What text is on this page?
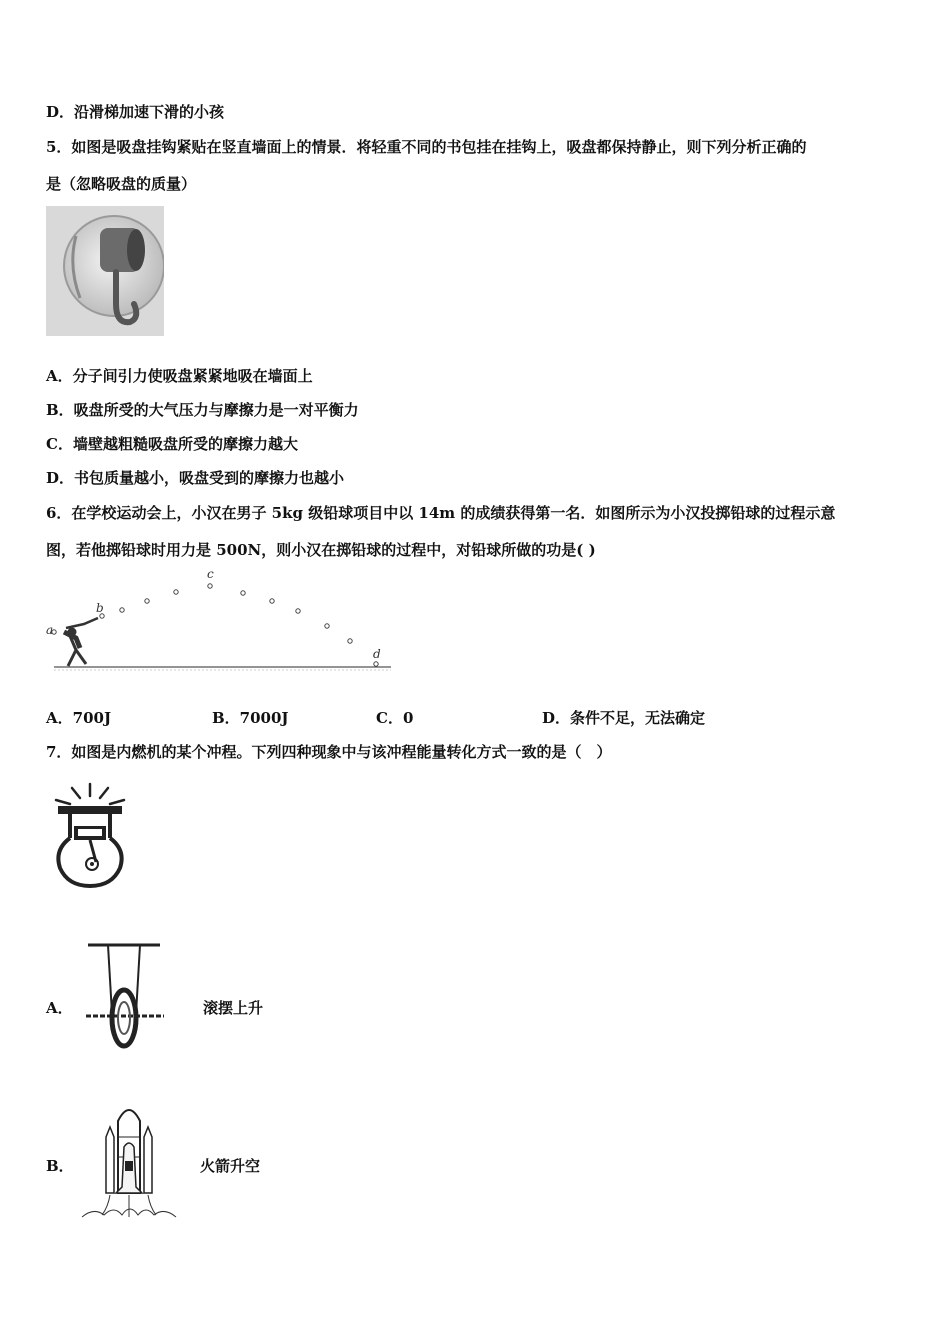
D．沿滑梯加速下滑的小孩
5．如图是吸盘挂钩紧贴在竖直墙面上的情景．将轻重不同的书包挂在挂钩上，吸盘都保持静止，则下列分析正确的
是（忽略吸盘的质量）
A．分子间引力使吸盘紧紧地吸在墙面上
B．吸盘所受的大气压力与摩擦力是一对平衡力
C．墙壁越粗糙吸盘所受的摩擦力越大
D．书包质量越小，吸盘受到的摩擦力也越小
6．在学校运动会上，小汉在男子 5kg 级铅球项目中以 14m 的成绩获得第一名．如图所示为小汉投掷铅球的过程示意
图，若他掷铅球时用力是 500N，则小汉在掷铅球的过程中，对铅球所做的功是( )
a
b
c
d
A．700J	B．7000J	C．0	D．条件不足，无法确定
7．如图是内燃机的某个冲程。下列四种现象中与该冲程能量转化方式一致的是（　）
A．	滚摆上升
B．	火箭升空
